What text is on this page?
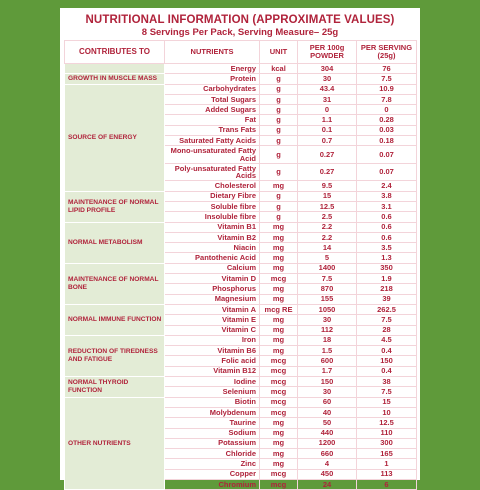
NUTRITIONAL INFORMATION (APPROXIMATE VALUES)
8 Servings Per Pack, Serving Measure– 25g
CONTRIBUTES TO	NUTRIENTS	UNIT	PER 100g POWDER	PER SERVING (25g)
	Energy	kcal	304	76
GROWTH IN MUSCLE MASS	Protein	g	30	7.5
SOURCE OF ENERGY	Carbohydrates	g	43.4	10.9
	Total Sugars	g	31	7.8
	Added Sugars	g	0	0
	Fat	g	1.1	0.28
	Trans Fats	g	0.1	0.03
	Saturated Fatty Acids	g	0.7	0.18
	Mono-unsaturated Fatty Acid	g	0.27	0.07
	Poly-unsaturated Fatty Acids	g	0.27	0.07
	Cholesterol	mg	9.5	2.4
MAINTENANCE OF NORMAL LIPID PROFILE	Dietary Fibre	g	15	3.8
	Soluble fibre	g	12.5	3.1
	Insoluble fibre	g	2.5	0.6
NORMAL METABOLISM	Vitamin B1	mg	2.2	0.6
	Vitamin B2	mg	2.2	0.6
	Niacin	mg	14	3.5
	Pantothenic Acid	mg	5	1.3
MAINTENANCE OF NORMAL BONE	Calcium	mg	1400	350
	Vitamin D	mcg	7.5	1.9
	Phosphorus	mg	870	218
	Magnesium	mg	155	39
NORMAL IMMUNE FUNCTION	Vitamin A	mcg RE	1050	262.5
	Vitamin E	mg	30	7.5
	Vitamin C	mg	112	28
REDUCTION OF TIREDNESS AND FATIGUE	Iron	mg	18	4.5
	Vitamin B6	mg	1.5	0.4
	Folic acid	mcg	600	150
	Vitamin B12	mcg	1.7	0.4
NORMAL THYROID FUNCTION	Iodine	mcg	150	38
	Selenium	mcg	30	7.5
OTHER NUTRIENTS	Biotin	mcg	60	15
	Molybdenum	mcg	40	10
	Taurine	mg	50	12.5
	Sodium	mg	440	110
	Potassium	mg	1200	300
	Chloride	mg	660	165
	Zinc	mg	4	1
	Copper	mcg	450	113
	Chromium	mcg	24	6
